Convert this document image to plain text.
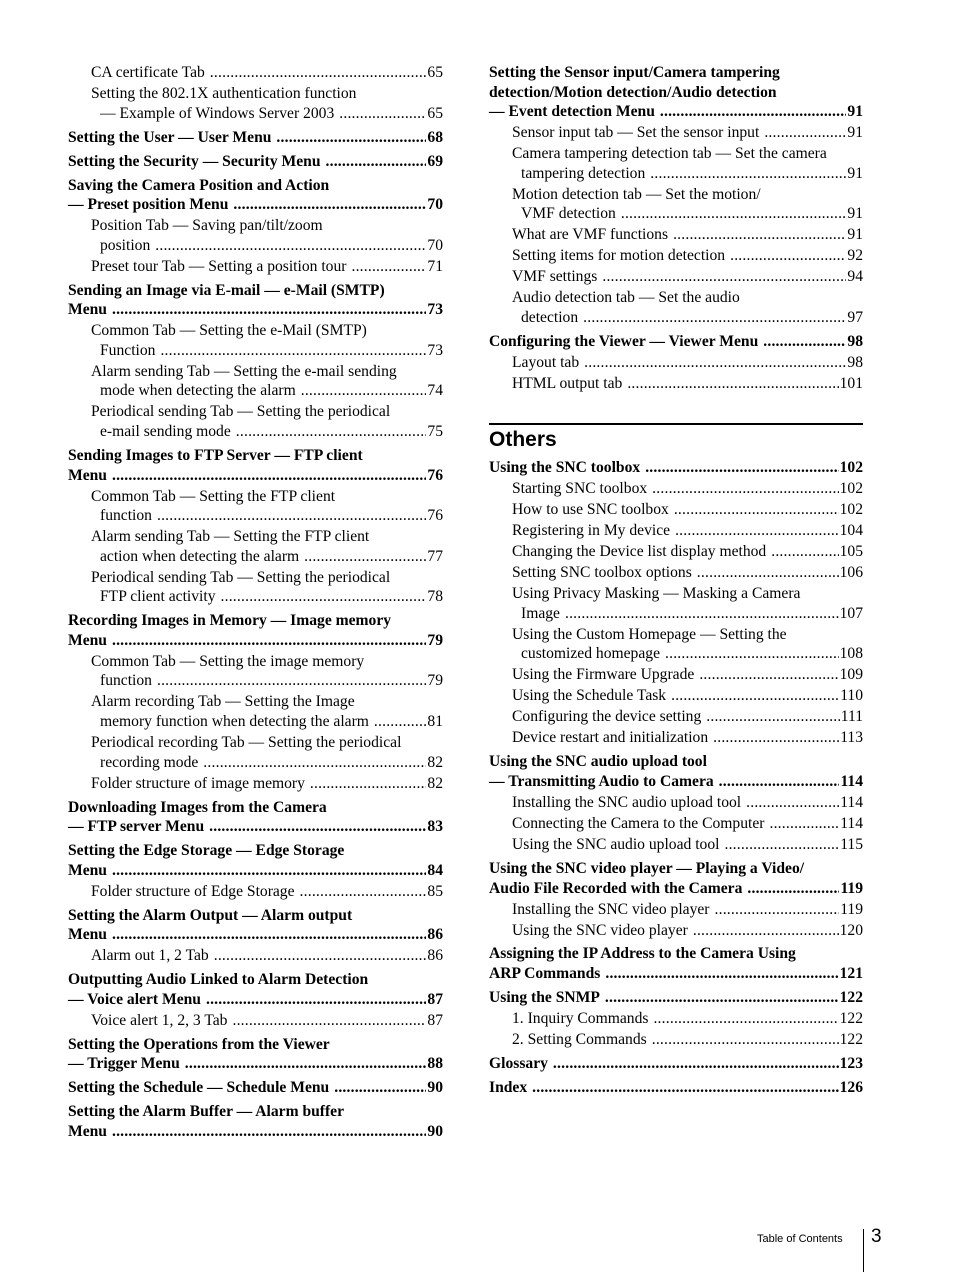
CA certificate Tab .....	65
Setting the 802.1X authentication function
— Example of Windows Server 2003 .....	65
Setting the User — User Menu .....	68
Setting the Security — Security Menu .....	69
Saving the Camera Position and Action
— Preset position Menu .....	70
Position Tab — Saving pan/tilt/zoom
position .....	70
Preset tour Tab — Setting a position tour .....	71
Sending an Image via E-mail — e-Mail (SMTP)
Menu .....	73
Common Tab — Setting the e-Mail (SMTP)
Function .....	73
Alarm sending Tab — Setting the e-mail sending
mode when detecting the alarm .....	74
Periodical sending Tab — Setting the periodical
e-mail sending mode .....	75
Sending Images to FTP Server — FTP client
Menu .....	76
Common Tab — Setting the FTP client
function .....	76
Alarm sending Tab — Setting the FTP client
action when detecting the alarm .....	77
Periodical sending Tab — Setting the periodical
FTP client activity .....	78
Recording Images in Memory — Image memory
Menu .....	79
Common Tab — Setting the image memory
function .....	79
Alarm recording Tab — Setting the Image
memory function when detecting the alarm .....	81
Periodical recording Tab — Setting the periodical
recording mode .....	82
Folder structure of image memory .....	82
Downloading Images from the Camera
— FTP server Menu .....	83
Setting the Edge Storage — Edge Storage
Menu .....	84
Folder structure of Edge Storage .....	85
Setting the Alarm Output — Alarm output
Menu .....	86
Alarm out 1, 2 Tab .....	86
Outputting Audio Linked to Alarm Detection
— Voice alert Menu .....	87
Voice alert 1, 2, 3 Tab .....	87
Setting the Operations from the Viewer
— Trigger Menu .....	88
Setting the Schedule — Schedule Menu .....	90
Setting the Alarm Buffer — Alarm buffer
Menu .....	90
Setting the Sensor input/Camera tampering
detection/Motion detection/Audio detection
— Event detection Menu .....	91
Sensor input tab — Set the sensor input .....	91
Camera tampering detection tab — Set the camera
tampering detection .....	91
Motion detection tab — Set the motion/
VMF detection .....	91
What are VMF functions .....	91
Setting items for motion detection .....	92
VMF settings .....	94
Audio detection tab — Set the audio
detection .....	97
Configuring the Viewer — Viewer Menu .....	98
Layout tab .....	98
HTML output tab .....	101
Others
Using the SNC toolbox .....	102
Starting SNC toolbox .....	102
How to use SNC toolbox .....	102
Registering in My device .....	104
Changing the Device list display method .....	105
Setting SNC toolbox options .....	106
Using Privacy Masking — Masking a Camera
Image .....	107
Using the Custom Homepage — Setting the
customized homepage .....	108
Using the Firmware Upgrade .....	109
Using the Schedule Task .....	110
Configuring the device setting .....	111
Device restart and initialization .....	113
Using the SNC audio upload tool
— Transmitting Audio to Camera .....	114
Installing the SNC audio upload tool .....	114
Connecting the Camera to the Computer .....	114
Using the SNC audio upload tool .....	115
Using the SNC video player — Playing a Video/
Audio File Recorded with the Camera .....	119
Installing the SNC video player .....	119
Using the SNC video player .....	120
Assigning the IP Address to the Camera Using
ARP Commands .....	121
Using the SNMP .....	122
1. Inquiry Commands .....	122
2. Setting Commands .....	122
Glossary .....	123
Index .....	126
Table of Contents 3
